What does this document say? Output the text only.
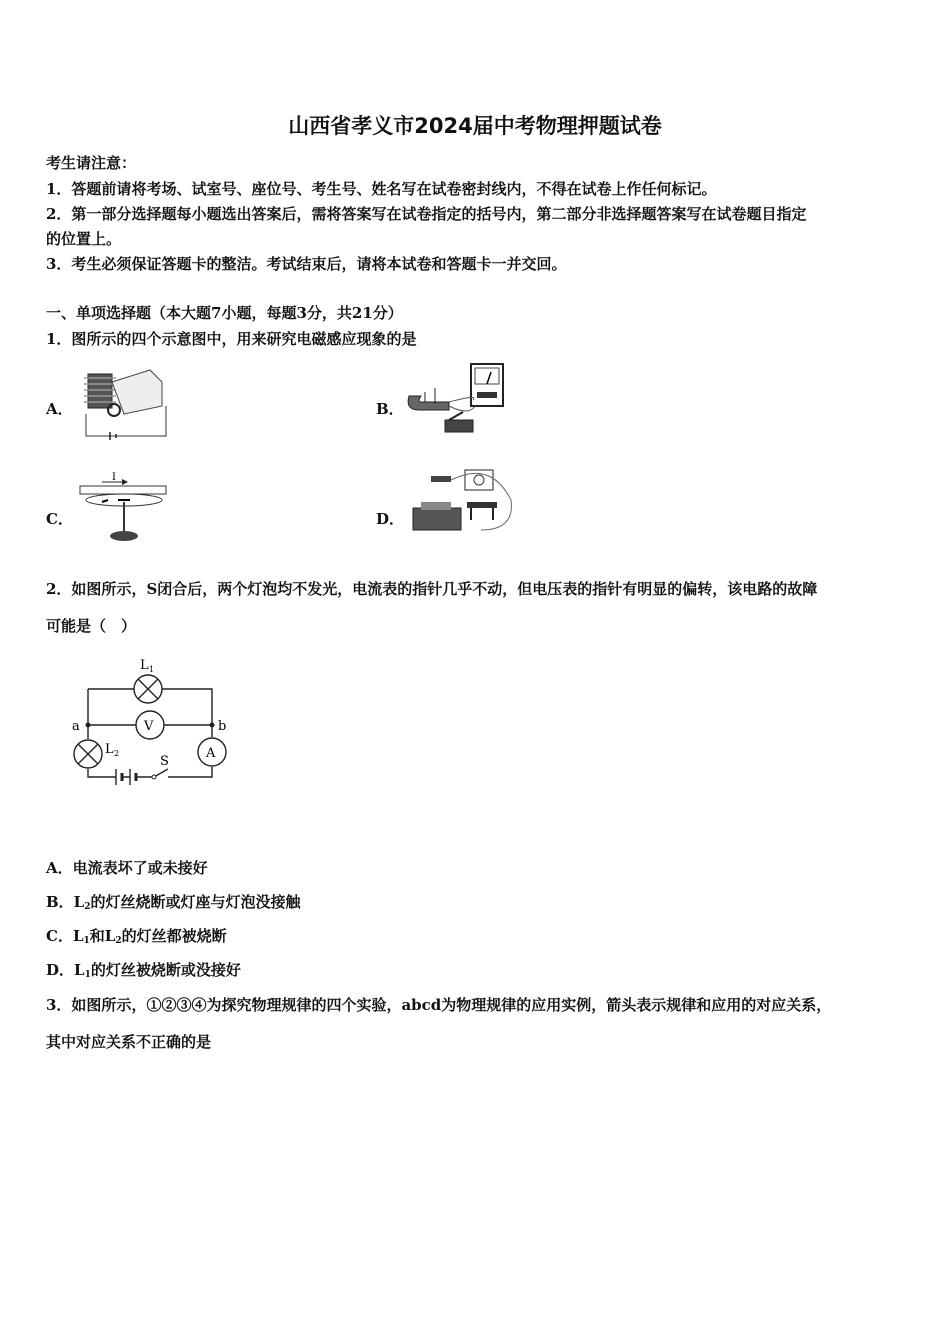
山西省孝义市2024届中考物理押题试卷
考生请注意：
1．答题前请将考场、试室号、座位号、考生号、姓名写在试卷密封线内，不得在试卷上作任何标记。
2．第一部分选择题每小题选出答案后，需将答案写在试卷指定的括号内，第二部分非选择题答案写在试卷题目指定
的位置上。
3．考生必须保证答题卡的整洁。考试结束后，请将本试卷和答题卡一并交回。
一、单项选择题（本大题7小题，每题3分，共21分）
1．图所示的四个示意图中，用来研究电磁感应现象的是
A．	B．
C．
I
D．
2．如图所示，S闭合后，两个灯泡均不发光，电流表的指针几乎不动，但电压表的指针有明显的偏转，该电路的故障
可能是（　）
L 1
V
L 2	A
S
a	b
A．电流表坏了或未接好
B．$L_2$的灯丝烧断或灯座与灯泡没接触
C．$L_1$和$L_2$的灯丝都被烧断
D．$L_1$的灯丝被烧断或没接好
3．如图所示，①②③④为探究物理规律的四个实验，abcd为物理规律的应用实例，箭头表示规律和应用的对应关系，
其中对应关系不正确的是
